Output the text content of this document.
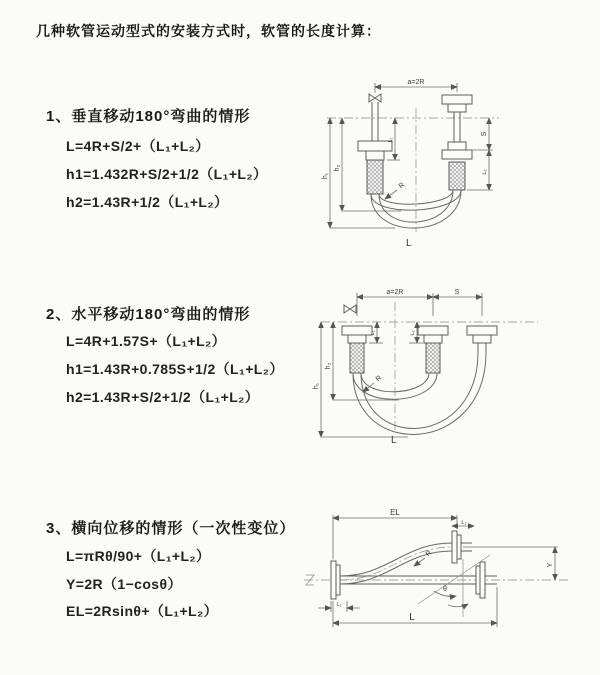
几种软管运动型式的安装方式时，软管的长度计算：
1、垂直移动180°弯曲的情形
L=4R+S/2+（L₁+L₂）
h1=1.432R+S/2+1/2（L₁+L₂）
h2=1.43R+1/2（L₁+L₂）
2、水平移动180°弯曲的情形
L=4R+1.57S+（L₁+L₂）
h1=1.43R+0.785S+1/2（L₁+L₂）
h2=1.43R+S/2+1/2（L₁+L₂）
3、横向位移的情形（一次性变位）
L=πRθ/90+（L₁+L₂）
Y=2R（1−cosθ）
EL=2Rsinθ+（L₁+L₂）
a=2R
h₁
h₂
L₁
S
L₂
R
L
a=2R	S
h₁
h₂
L₁	L₂
R
L
EL
L₂
Y
θ
R
L₁
L
